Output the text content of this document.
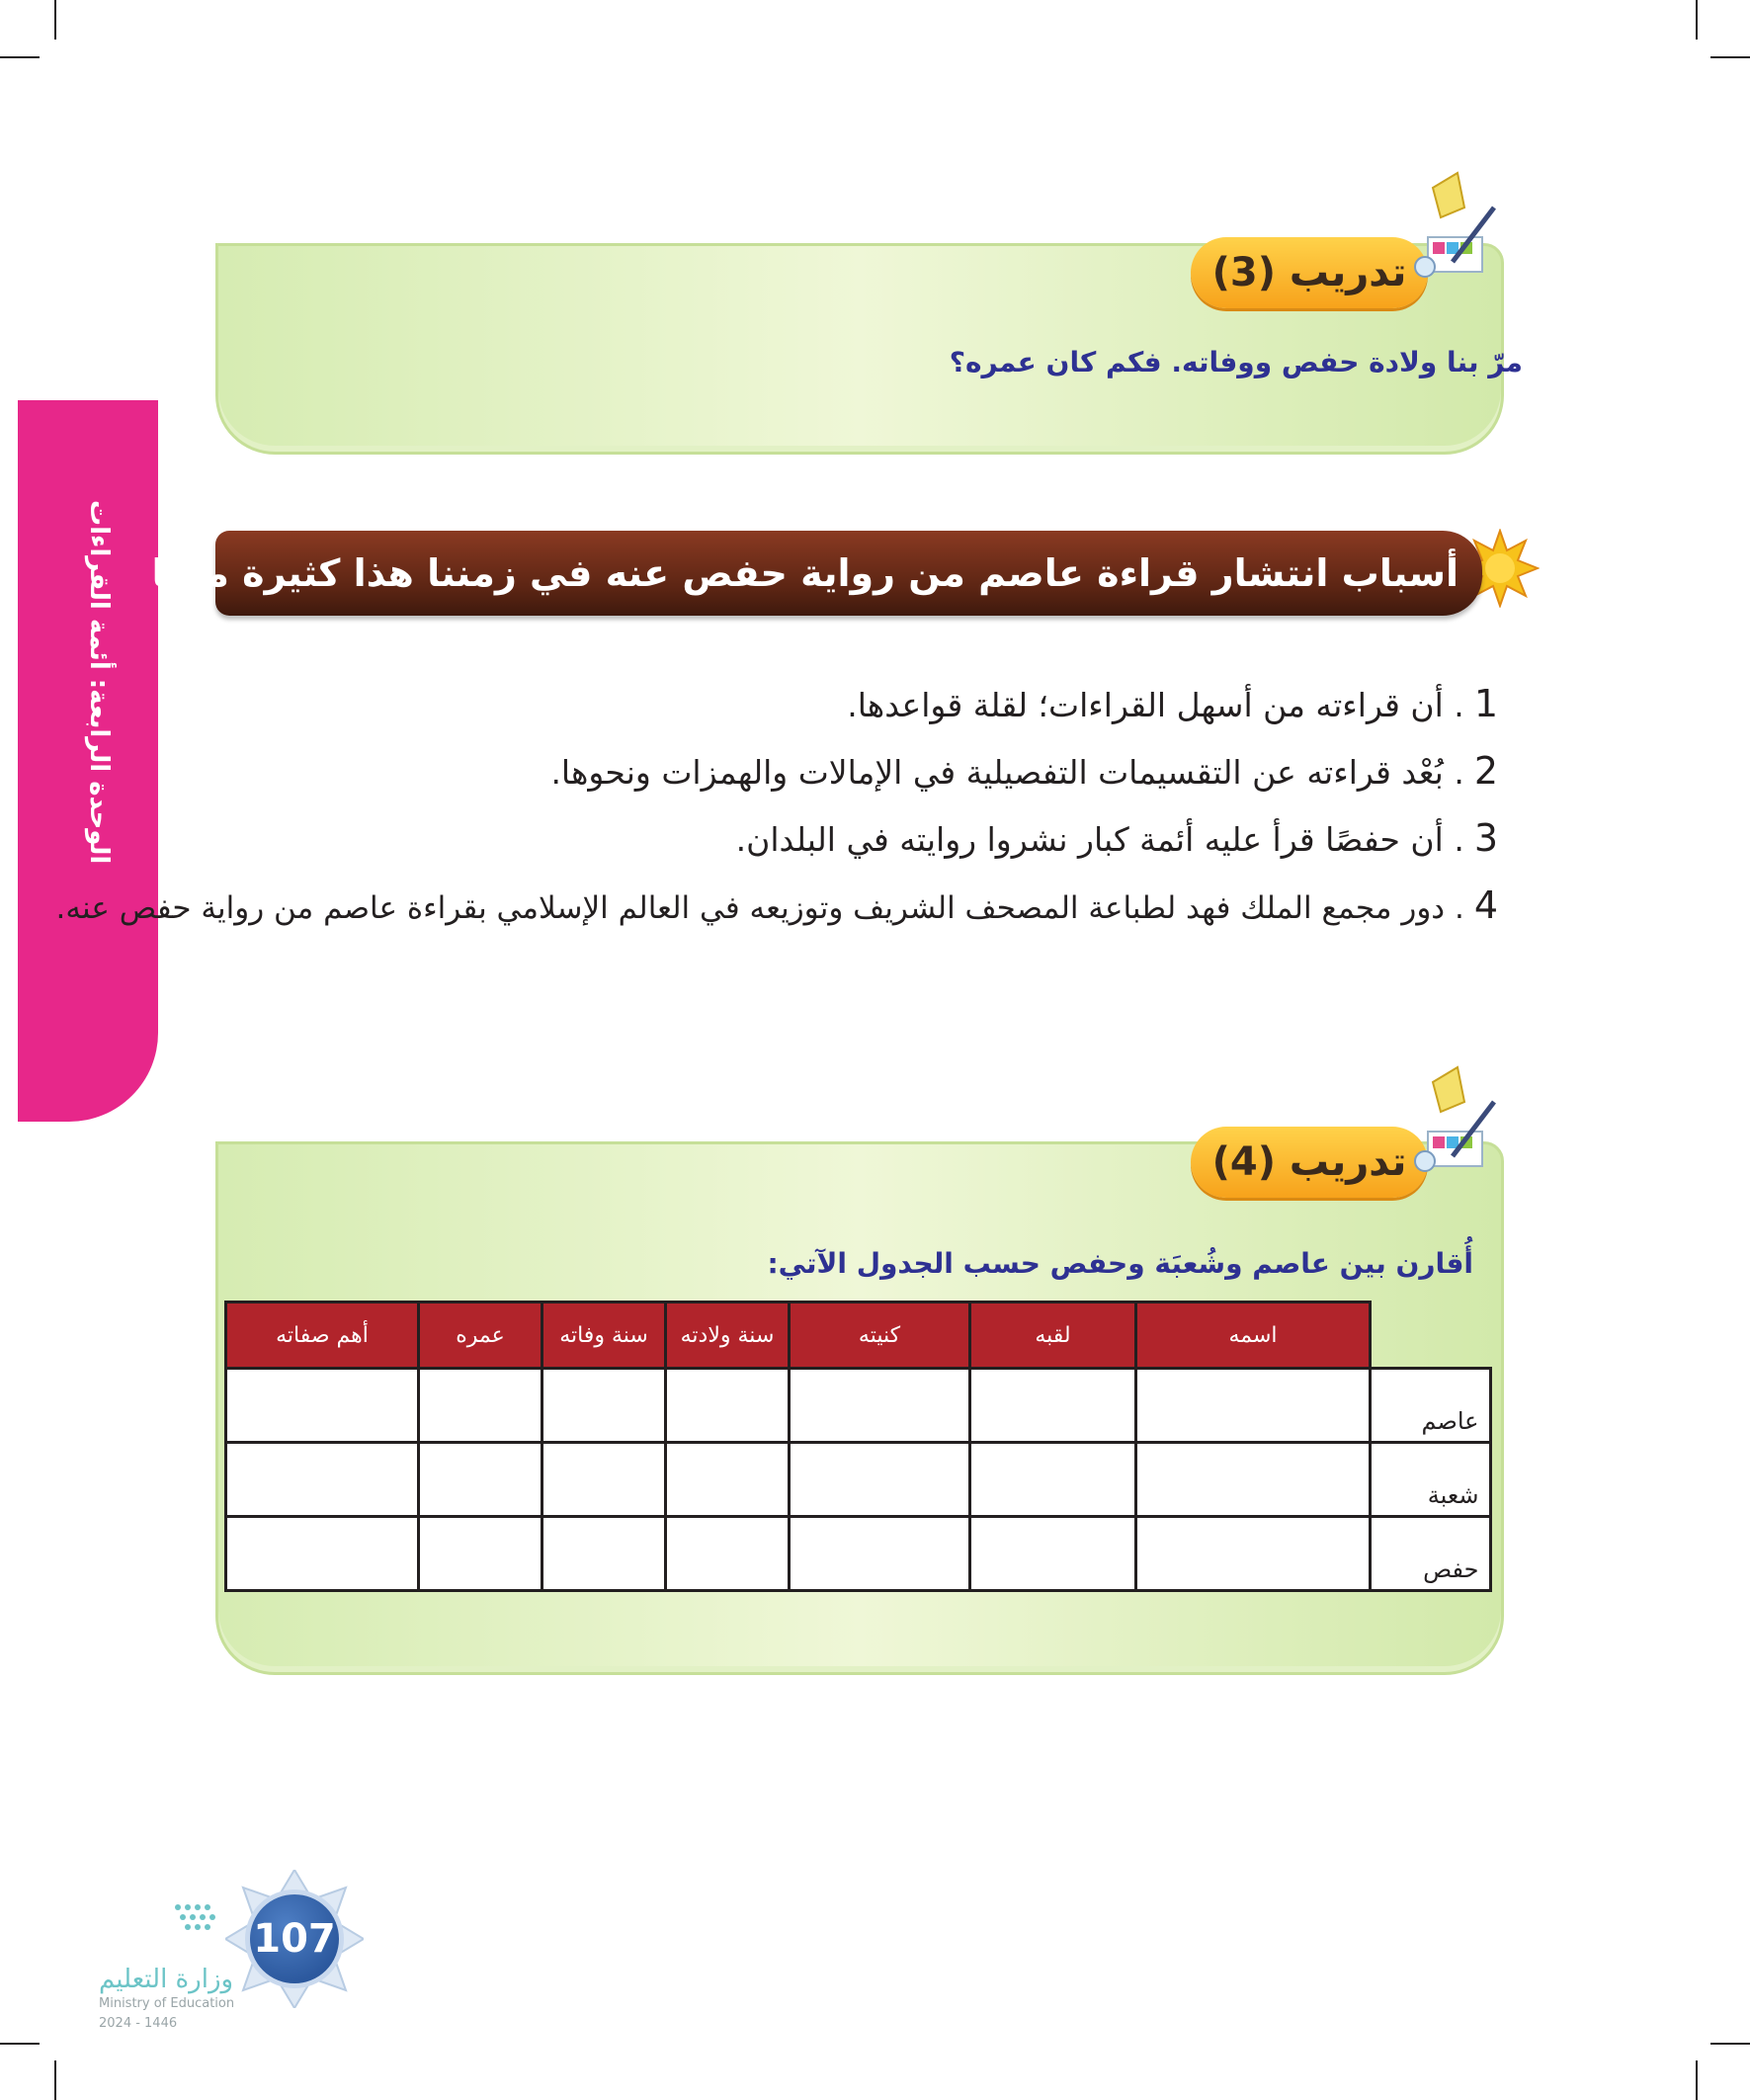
الوحدة الرابعة: أئمة القراءات
تدريب (3)
مرّ بنا ولادة حفص ووفاته. فكم كان عمره؟
أسباب انتشار قراءة عاصم من رواية حفص عنه في زمننا هذا كثيرة منها
1. أن قراءته من أسهل القراءات؛ لقلة قواعدها.
2. بُعْد قراءته عن التقسيمات التفصيلية في الإمالات والهمزات ونحوها.
3. أن حفصًا قرأ عليه أئمة كبار نشروا روايته في البلدان.
4. دور مجمع الملك فهد لطباعة المصحف الشريف وتوزيعه في العالم الإسلامي بقراءة عاصم من رواية حفص عنه.
تدريب (4)
أُقارن بين عاصم وشُعبَة وحفص حسب الجدول الآتي:
أهم صفاته	عمره	سنة وفاته	سنة ولادته	كنيته	لقبه	اسمه	
							عاصم
							شعبة
							حفص
107
وزارة التعليم
Ministry of Education
2024 - 1446
